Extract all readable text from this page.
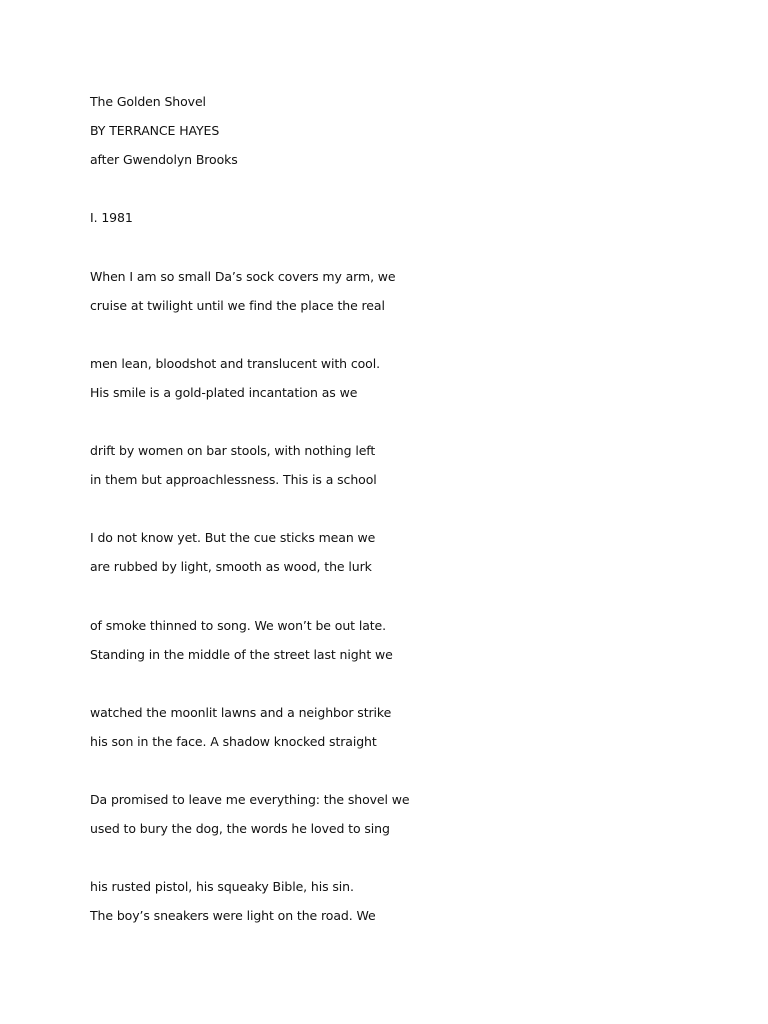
The Golden Shovel
BY TERRANCE HAYES
after Gwendolyn Brooks
I. 1981
When I am so small Da’s sock covers my arm, we
cruise at twilight until we find the place the real
men lean, bloodshot and translucent with cool.
His smile is a gold-plated incantation as we
drift by women on bar stools, with nothing left
in them but approachlessness. This is a school
I do not know yet. But the cue sticks mean we
are rubbed by light, smooth as wood, the lurk
of smoke thinned to song. We won’t be out late.
Standing in the middle of the street last night we
watched the moonlit lawns and a neighbor strike
his son in the face. A shadow knocked straight
Da promised to leave me everything: the shovel we
used to bury the dog, the words he loved to sing
his rusted pistol, his squeaky Bible, his sin.
The boy’s sneakers were light on the road. We
